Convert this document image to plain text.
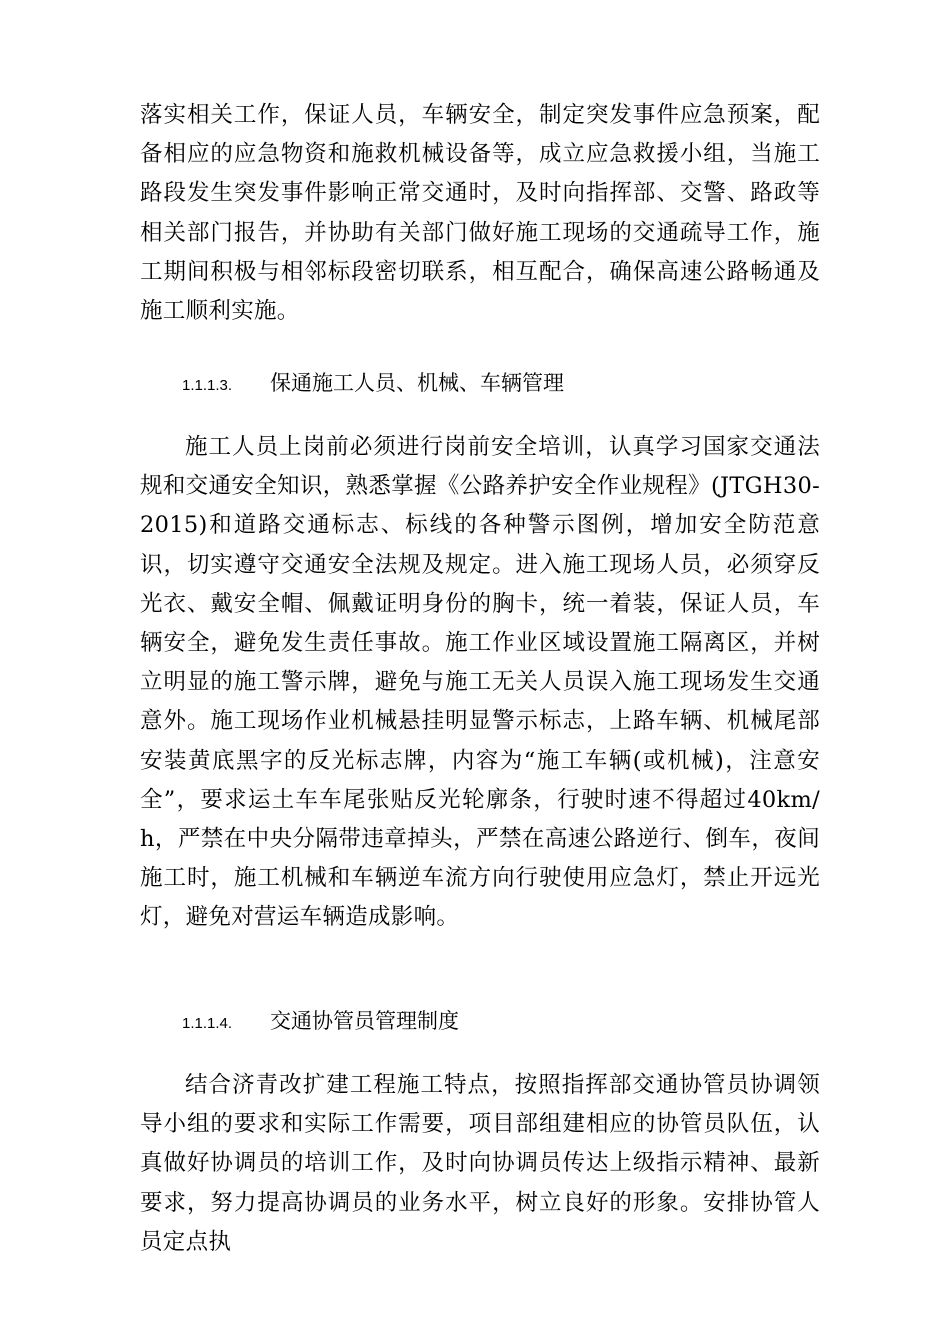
落实相关工作，保证人员，车辆安全，制定突发事件应急预案，配备相应的应急物资和施救机械设备等，成立应急救援小组，当施工路段发生突发事件影响正常交通时，及时向指挥部、交警、路政等相关部门报告，并协助有关部门做好施工现场的交通疏导工作，施工期间积极与相邻标段密切联系，相互配合，确保高速公路畅通及施工顺利实施。

1.1.1.3. 保通施工人员、机械、车辆管理

施工人员上岗前必须进行岗前安全培训，认真学习国家交通法规和交通安全知识，熟悉掌握《公路养护安全作业规程》(JTGH30-2015)和道路交通标志、标线的各种警示图例，增加安全防范意识，切实遵守交通安全法规及规定。进入施工现场人员，必须穿反光衣、戴安全帽、佩戴证明身份的胸卡，统一着装，保证人员，车辆安全，避免发生责任事故。施工作业区域设置施工隔离区，并树立明显的施工警示牌，避免与施工无关人员误入施工现场发生交通意外。施工现场作业机械悬挂明显警示标志，上路车辆、机械尾部安装黄底黑字的反光标志牌，内容为“施工车辆(或机械)，注意安全”，要求运土车车尾张贴反光轮廓条，行驶时速不得超过40km/h，严禁在中央分隔带违章掉头，严禁在高速公路逆行、倒车，夜间施工时，施工机械和车辆逆车流方向行驶使用应急灯，禁止开远光灯，避免对营运车辆造成影响。

1.1.1.4. 交通协管员管理制度

结合济青改扩建工程施工特点，按照指挥部交通协管员协调领导小组的要求和实际工作需要，项目部组建相应的协管员队伍，认真做好协调员的培训工作，及时向协调员传达上级指示精神、最新要求，努力提高协调员的业务水平，树立良好的形象。安排协管人员定点执
